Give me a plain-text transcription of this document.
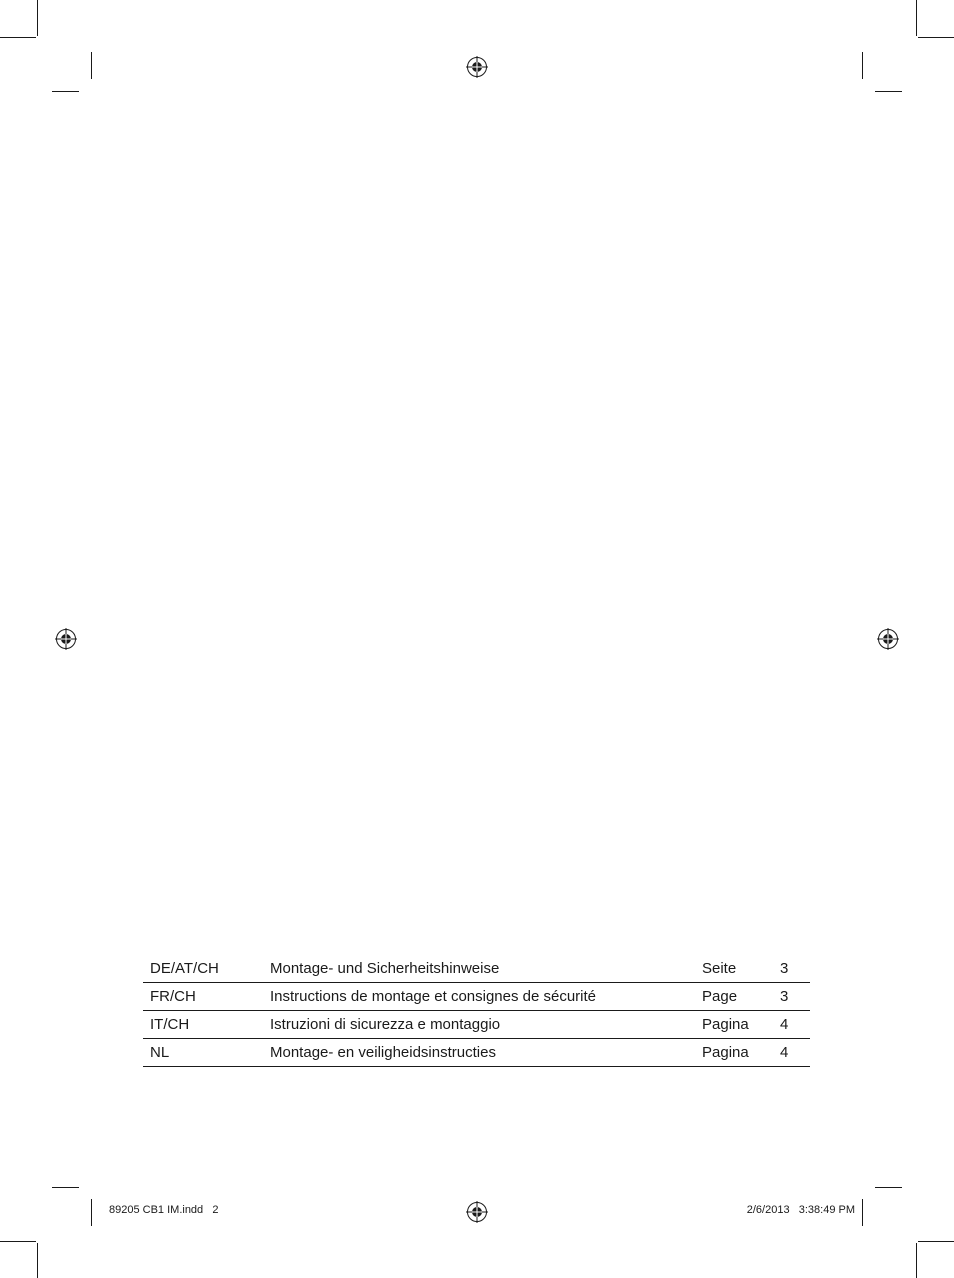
DE/AT/CH	Montage- und Sicherheitshinweise	Seite	3
FR/CH	Instructions de montage et consignes de sécurité	Page	3
IT/CH	Istruzioni di sicurezza e montaggio	Pagina	4
NL	Montage- en veiligheidsinstructies	Pagina	4
89205 CB1 IM.indd   2	2/6/2013   3:38:49 PM
